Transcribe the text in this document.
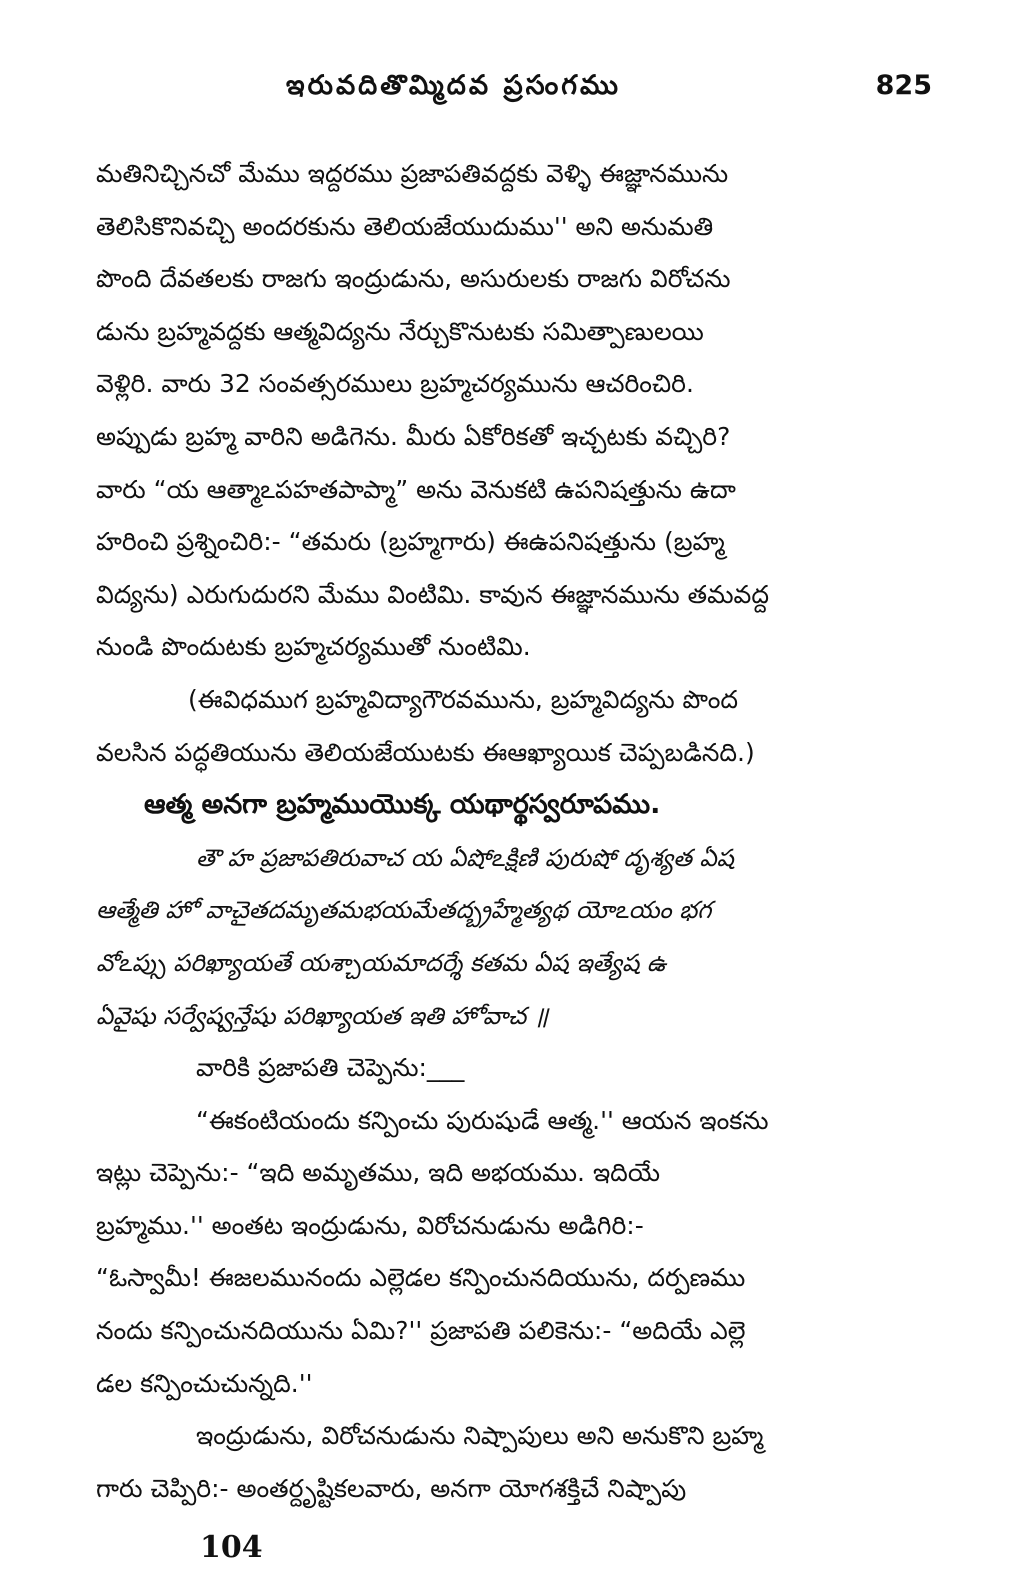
ఇరువదితొమ్మిదవ ప్రసంగము	825
మతినిచ్చినచో మేము ఇద్దరము ప్రజాపతివద్దకు వెళ్ళి ఈజ్ఞానమును
తెలిసికొనివచ్చి అందరకును తెలియజేయుదుము'' అని అనుమతి
పొంది దేవతలకు రాజగు ఇంద్రుడును, అసురులకు రాజగు విరోచను
డును బ్రహ్మవద్దకు ఆత్మవిద్యను నేర్చుకొనుటకు సమిత్పాణులయి
వెళ్లిరి. వారు 32 సంవత్సరములు బ్రహ్మచర్యమును ఆచరించిరి.
అప్పుడు బ్రహ్మ వారిని అడిగెను. మీరు ఏకోరికతో ఇచ్చటకు వచ్చిరి?
వారు “య ఆత్మాఽపహతపాప్మా” అను వెనుకటి ఉపనిషత్తును ఉదా
హరించి ప్రశ్నించిరి:- “తమరు (బ్రహ్మగారు) ఈఉపనిషత్తును (బ్రహ్మ
విద్యను) ఎరుగుదురని మేము వింటిమి. కావున ఈజ్ఞానమును తమవద్ద
నుండి పొందుటకు బ్రహ్మచర్యముతో నుంటిమి.
(ఈవిధముగ బ్రహ్మవిద్యాగౌరవమును, బ్రహ్మవిద్యను పొంద
వలసిన పద్ధతియును తెలియజేయుటకు ఈఆఖ్యాయిక చెప్పబడినది.)
ఆత్మ అనగా బ్రహ్మముయొక్క యథార్థస్వరూపము.
తౌ హ ప్రజాపతిరువాచ య ఏషోఽక్షిణి పురుషో దృశ్యత ఏష
ఆత్మేతి హో వాచైతదమృతమభయమేతద్బ్రహ్మేత్యథ యోఽయం భగ
వోఽప్సు పరిఖ్యాయతే యశ్చాయమాదర్శే కతమ ఏష ఇత్యేష ఉ
ఏవైషు సర్వేష్వన్తేషు పరిఖ్యాయత ఇతి హోవాచ ॥
వారికి ప్రజాపతి చెప్పెను:___
“ఈకంటియందు కన్పించు పురుషుడే ఆత్మ.'' ఆయన ఇంకను
ఇట్లు చెప్పెను:- “ఇది అమృతము, ఇది అభయము. ఇదియే
బ్రహ్మము.'' అంతట ఇంద్రుడును, విరోచనుడును అడిగిరి:-
“ఓస్వామీ! ఈజలమునందు ఎల్లెడల కన్పించునదియును, దర్పణము
నందు కన్పించునదియును ఏమి?'' ప్రజాపతి పలికెను:- “అదియే ఎల్లె
డల కన్పించుచున్నది.''
ఇంద్రుడును, విరోచనుడును నిష్పాపులు అని అనుకొని బ్రహ్మ
గారు చెప్పిరి:- అంతర్దృష్టికలవారు, అనగా యోగశక్తిచే నిష్పాపు
104
